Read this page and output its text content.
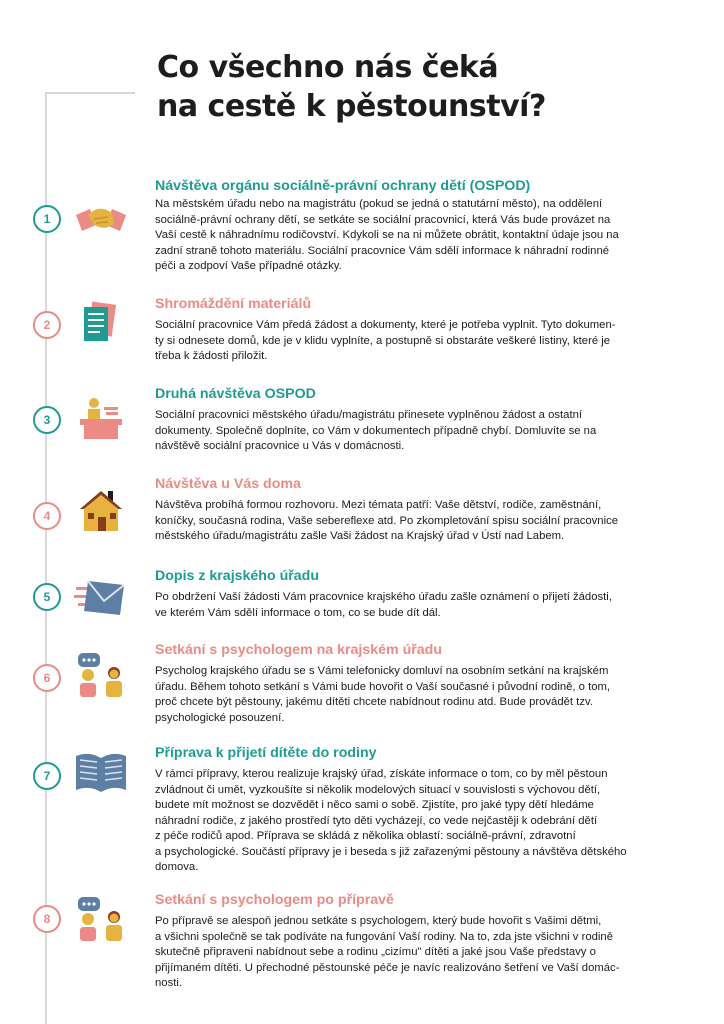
Co všechno nás čeká
na cestě k pěstounství?
1
Návštěva orgánu sociálně-právní ochrany dětí (OSPOD)

Na městském úřadu nebo na magistrátu (pokud se jedná o statutární město), na oddělení
sociálně-právní ochrany dětí, se setkáte se sociální pracovnicí, která Vás bude provázet na
Vaší cestě k náhradnímu rodičovství. Kdykoli se na ni můžete obrátit, kontaktní údaje jsou na
zadní straně tohoto materiálu. Sociální pracovnice Vám sdělí informace k náhradní rodinné
péči a zodpoví Vaše případné otázky.

2
Shromáždění materiálů

Sociální pracovnice Vám předá žádost a dokumenty, které je potřeba vyplnit. Tyto dokumen-
ty si odnesete domů, kde je v klidu vyplníte, a postupně si obstaráte veškeré listiny, které je
třeba k žádosti přiložit.

3
Druhá návštěva OSPOD

Sociální pracovnici městského úřadu/magistrátu přinesete vyplněnou žádost a ostatní
dokumenty. Společně doplníte, co Vám v dokumentech případně chybí. Domluvíte se na
návštěvě sociální pracovnice u Vás v domácnosti.

4
Návštěva u Vás doma

Návštěva probíhá formou rozhovoru. Mezi témata patří: Vaše dětství, rodiče, zaměstnání,
koníčky, současná rodina, Vaše sebereflexe atd. Po zkompletování spisu sociální pracovnice
městského úřadu/magistrátu zašle Vaši žádost na Krajský úřad v Ústí nad Labem.

5
Dopis z krajského úřadu

Po obdržení Vaší žádosti Vám pracovnice krajského úřadu zašle oznámení o přijetí žádosti,
ve kterém Vám sdělí informace o tom, co se bude dít dál.

6
Setkání s psychologem na krajském úřadu

Psycholog krajského úřadu se s Vámi telefonicky domluví na osobním setkání na krajském
úřadu. Během tohoto setkání s Vámi bude hovořit o Vaší současné i původní rodině, o tom,
proč chcete být pěstouny, jakému dítěti chcete nabídnout rodinu atd. Bude provádět tzv.
psychologické posouzení.

7
Příprava k přijetí dítěte do rodiny

V rámci přípravy, kterou realizuje krajský úřad, získáte informace o tom, co by měl pěstoun
zvládnout či umět, vyzkoušíte si několik modelových situací v souvislosti s výchovou dětí,
budete mít možnost se dozvědět i něco sami o sobě. Zjistíte, pro jaké typy dětí hledáme
náhradní rodiče, z jakého prostředí tyto děti vycházejí, co vede nejčastěji k odebrání dětí
z péče rodičů apod. Příprava se skládá z několika oblastí: sociálně-právní, zdravotní
a psychologické. Součástí přípravy je i beseda s již zařazenými pěstouny a návštěva dětského
domova.

8
Setkání s psychologem po přípravě

Po přípravě se alespoň jednou setkáte s psychologem, který bude hovořit s Vašimi dětmi,
a všichni společně se tak podíváte na fungování Vaší rodiny. Na to, zda jste všichni v rodině
skutečně připraveni nabídnout sebe a rodinu „cizímu" dítěti a jaké jsou Vaše představy o
přijímaném dítěti. U přechodné pěstounské péče je navíc realizováno šetření ve Vaší domác-
nosti.
